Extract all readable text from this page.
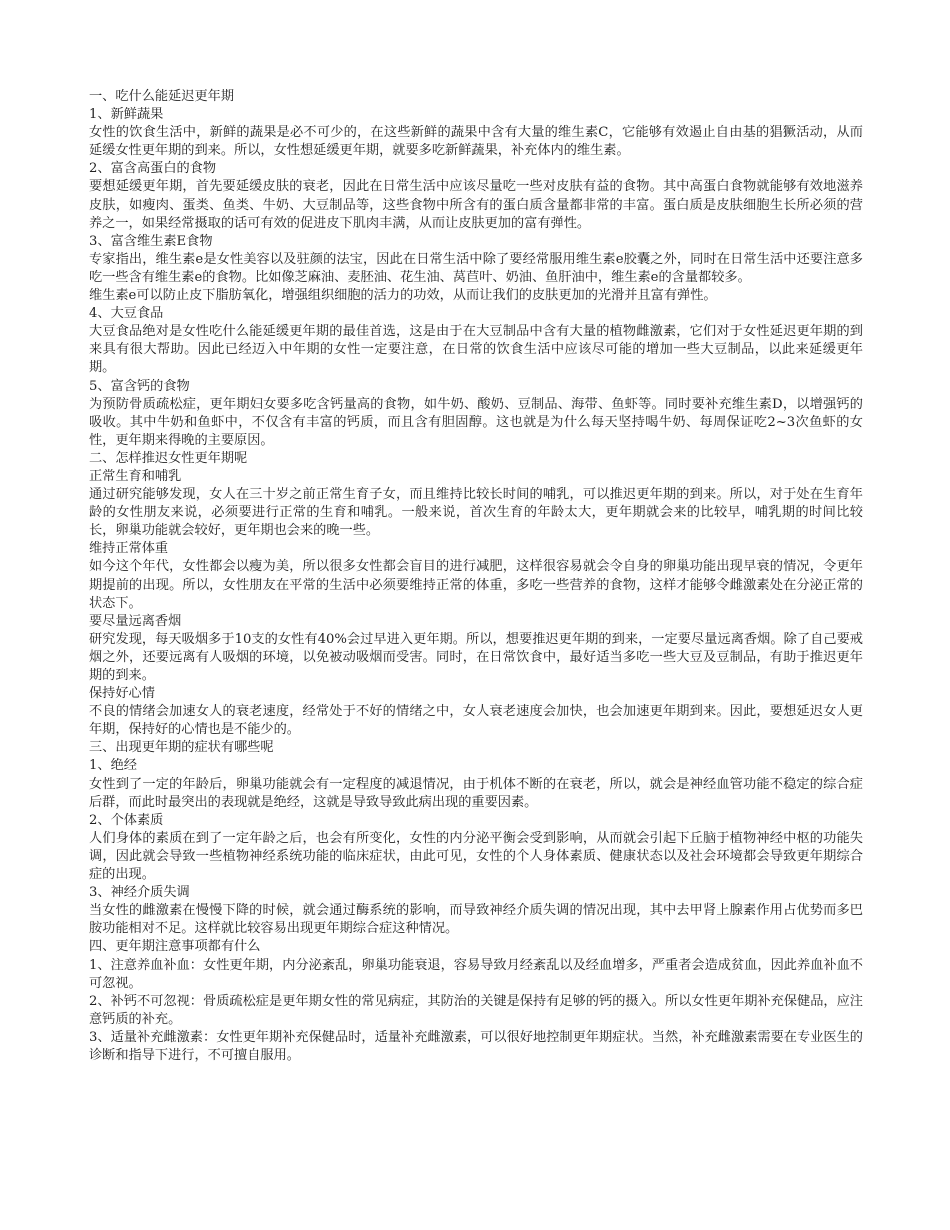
一、吃什么能延迟更年期

1、新鲜蔬果

女性的饮食生活中，新鲜的蔬果是必不可少的，在这些新鲜的蔬果中含有大量的维生素C，它能够有效遏止自由基的猖獗活动，从而延缓女性更年期的到来。所以，女性想延缓更年期，就要多吃新鲜蔬果，补充体内的维生素。

2、富含高蛋白的食物

要想延缓更年期，首先要延缓皮肤的衰老，因此在日常生活中应该尽量吃一些对皮肤有益的食物。其中高蛋白食物就能够有效地滋养皮肤，如瘦肉、蛋类、鱼类、牛奶、大豆制品等，这些食物中所含有的蛋白质含量都非常的丰富。蛋白质是皮肤细胞生长所必须的营养之一，如果经常摄取的话可有效的促进皮下肌肉丰满，从而让皮肤更加的富有弹性。

3、富含维生素E食物

专家指出，维生素e是女性美容以及驻颜的法宝，因此在日常生活中除了要经常服用维生素e胶囊之外，同时在日常生活中还要注意多吃一些含有维生素e的食物。比如像芝麻油、麦胚油、花生油、莴苣叶、奶油、鱼肝油中，维生素e的含量都较多。

维生素e可以防止皮下脂肪氧化，增强组织细胞的活力的功效，从而让我们的皮肤更加的光滑并且富有弹性。

4、大豆食品

大豆食品绝对是女性吃什么能延缓更年期的最佳首选，这是由于在大豆制品中含有大量的植物雌激素，它们对于女性延迟更年期的到来具有很大帮助。因此已经迈入中年期的女性一定要注意，在日常的饮食生活中应该尽可能的增加一些大豆制品，以此来延缓更年期。

5、富含钙的食物

为预防骨质疏松症，更年期妇女要多吃含钙量高的食物，如牛奶、酸奶、豆制品、海带、鱼虾等。同时要补充维生素D，以增强钙的吸收。其中牛奶和鱼虾中，不仅含有丰富的钙质，而且含有胆固醇。这也就是为什么每天坚持喝牛奶、每周保证吃2~3次鱼虾的女性，更年期来得晚的主要原因。

二、怎样推迟女性更年期呢

正常生育和哺乳

通过研究能够发现，女人在三十岁之前正常生育子女，而且维持比较长时间的哺乳，可以推迟更年期的到来。所以，对于处在生育年龄的女性朋友来说，必须要进行正常的生育和哺乳。一般来说，首次生育的年龄太大，更年期就会来的比较早，哺乳期的时间比较长，卵巢功能就会较好，更年期也会来的晚一些。

维持正常体重

如今这个年代，女性都会以瘦为美，所以很多女性都会盲目的进行减肥，这样很容易就会令自身的卵巢功能出现早衰的情况，令更年期提前的出现。所以，女性朋友在平常的生活中必须要维持正常的体重，多吃一些营养的食物，这样才能够令雌激素处在分泌正常的状态下。

要尽量远离香烟

研究发现，每天吸烟多于10支的女性有40%会过早进入更年期。所以，想要推迟更年期的到来，一定要尽量远离香烟。除了自己要戒烟之外，还要远离有人吸烟的环境，以免被动吸烟而受害。同时，在日常饮食中，最好适当多吃一些大豆及豆制品，有助于推迟更年期的到来。

保持好心情

不良的情绪会加速女人的衰老速度，经常处于不好的情绪之中，女人衰老速度会加快，也会加速更年期到来。因此，要想延迟女人更年期，保持好的心情也是不能少的。

三、出现更年期的症状有哪些呢

1、绝经

女性到了一定的年龄后，卵巢功能就会有一定程度的减退情况，由于机体不断的在衰老，所以，就会是神经血管功能不稳定的综合症后群，而此时最突出的表现就是绝经，这就是导致导致此病出现的重要因素。

2、个体素质

人们身体的素质在到了一定年龄之后，也会有所变化，女性的内分泌平衡会受到影响，从而就会引起下丘脑于植物神经中枢的功能失调，因此就会导致一些植物神经系统功能的临床症状，由此可见，女性的个人身体素质、健康状态以及社会环境都会导致更年期综合症的出现。

3、神经介质失调

当女性的雌激素在慢慢下降的时候，就会通过酶系统的影响，而导致神经介质失调的情况出现，其中去甲肾上腺素作用占优势而多巴胺功能相对不足。这样就比较容易出现更年期综合症这种情况。

四、更年期注意事项都有什么

1、注意养血补血：女性更年期，内分泌紊乱，卵巢功能衰退，容易导致月经紊乱以及经血增多，严重者会造成贫血，因此养血补血不可忽视。

2、补钙不可忽视：骨质疏松症是更年期女性的常见病症，其防治的关键是保持有足够的钙的摄入。所以女性更年期补充保健品，应注意钙质的补充。

3、适量补充雌激素：女性更年期补充保健品时，适量补充雌激素，可以很好地控制更年期症状。当然，补充雌激素需要在专业医生的诊断和指导下进行，不可擅自服用。
